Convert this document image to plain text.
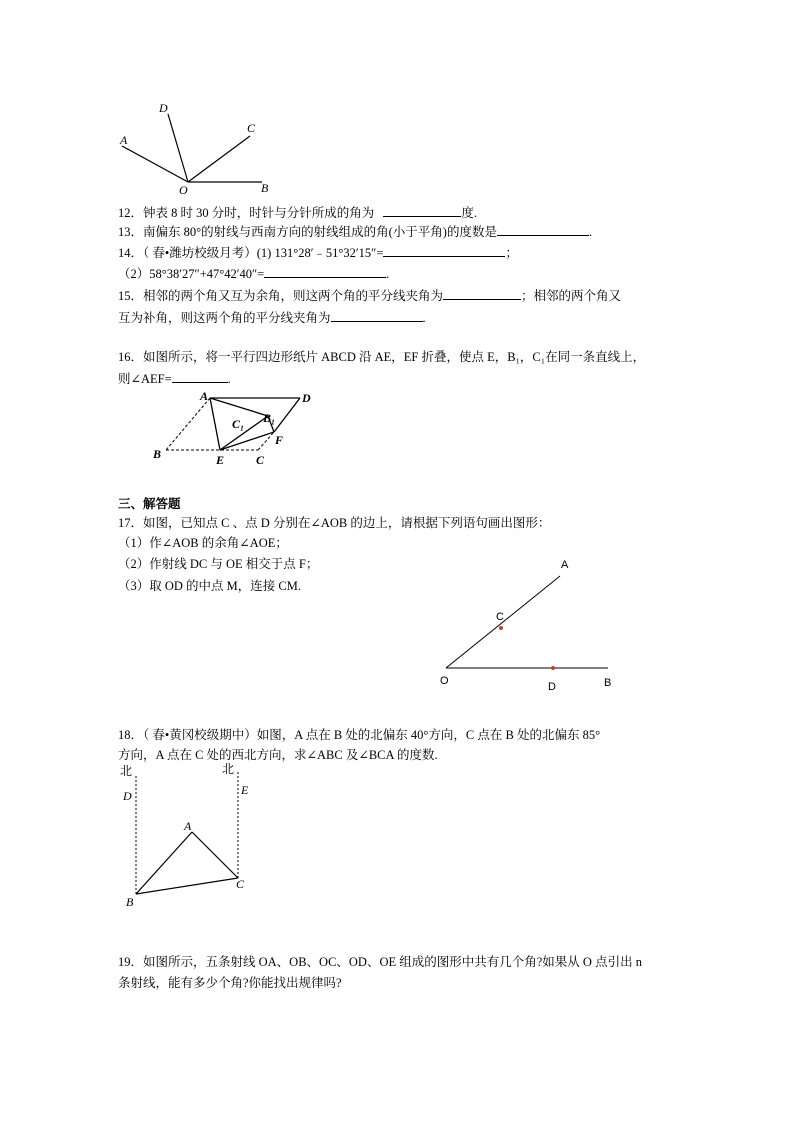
D
A
C
O	B
12．钟表 8 时 30 分时，时针与分针所成的角为	度.
13．南偏东 80°的射线与西南方向的射线组成的角(小于平角)的度数是	.
14．（ 春•潍坊校级月考）(1) 131°28′﹣51°32′15″=	；
（2）58°38′27″+47°42′40″=	.
15．相邻的两个角又互为余角，则这两个角的平分线夹角为	；相邻的两个角又
互为补角，则这两个角的平分线夹角为	.
16．如图所示，将一平行四边形纸片 ABCD 沿 AE，EF 折叠，使点 E，B₁，C₁在同一条直线上，
则∠AEF=	.
A	D
C₁ B₁
F
B	E	C
三、解答题
17．如图，已知点 C 、点 D 分别在∠AOB 的边上，请根据下列语句画出图形：
（1）作∠AOB 的余角∠AOE；
（2）作射线 DC 与 OE 相交于点 F；
（3）取 OD 的中点 M，连接 CM.
A
C
O	D	B
18．（ 春•黄冈校级期中）如图，A 点在 B 处的北偏东 40°方向，C 点在 B 处的北偏东 85°
方向，A 点在 C 处的西北方向，求∠ABC 及∠BCA 的度数.
北	北
D	E
A
B
C
19．如图所示，五条射线 OA、OB、OC、OD、OE 组成的图形中共有几个角?如果从 O 点引出 n
条射线，能有多少个角?你能找出规律吗?
